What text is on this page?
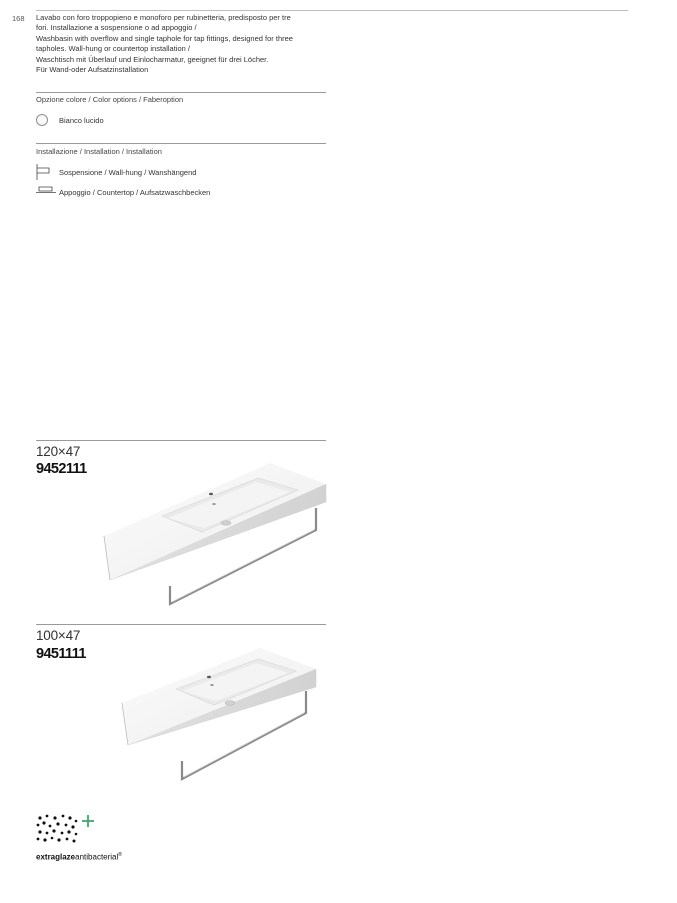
168 Lavabo con foro troppopieno e monoforo per rubinetteria, predisposto per tre
fori. Installazione a sospensione o ad appoggio /
Washbasin with overflow and single taphole for tap fittings, designed for three
tapholes. Wall-hung or countertop installation /
Waschtisch mit Überlauf und Einlocharmatur, geeignet für drei Löcher.
Für Wand-oder Aufsatzinstallation
Opzione colore / Color options / Faberoption
Bianco lucido
Installazione / Installation / Installation
Sospensione / Wall-hung / Wanshängend
Appoggio / Countertop / Aufsatzwaschbecken
120×47
9452111
100×47
9451111
extraglazeantibacterial®
